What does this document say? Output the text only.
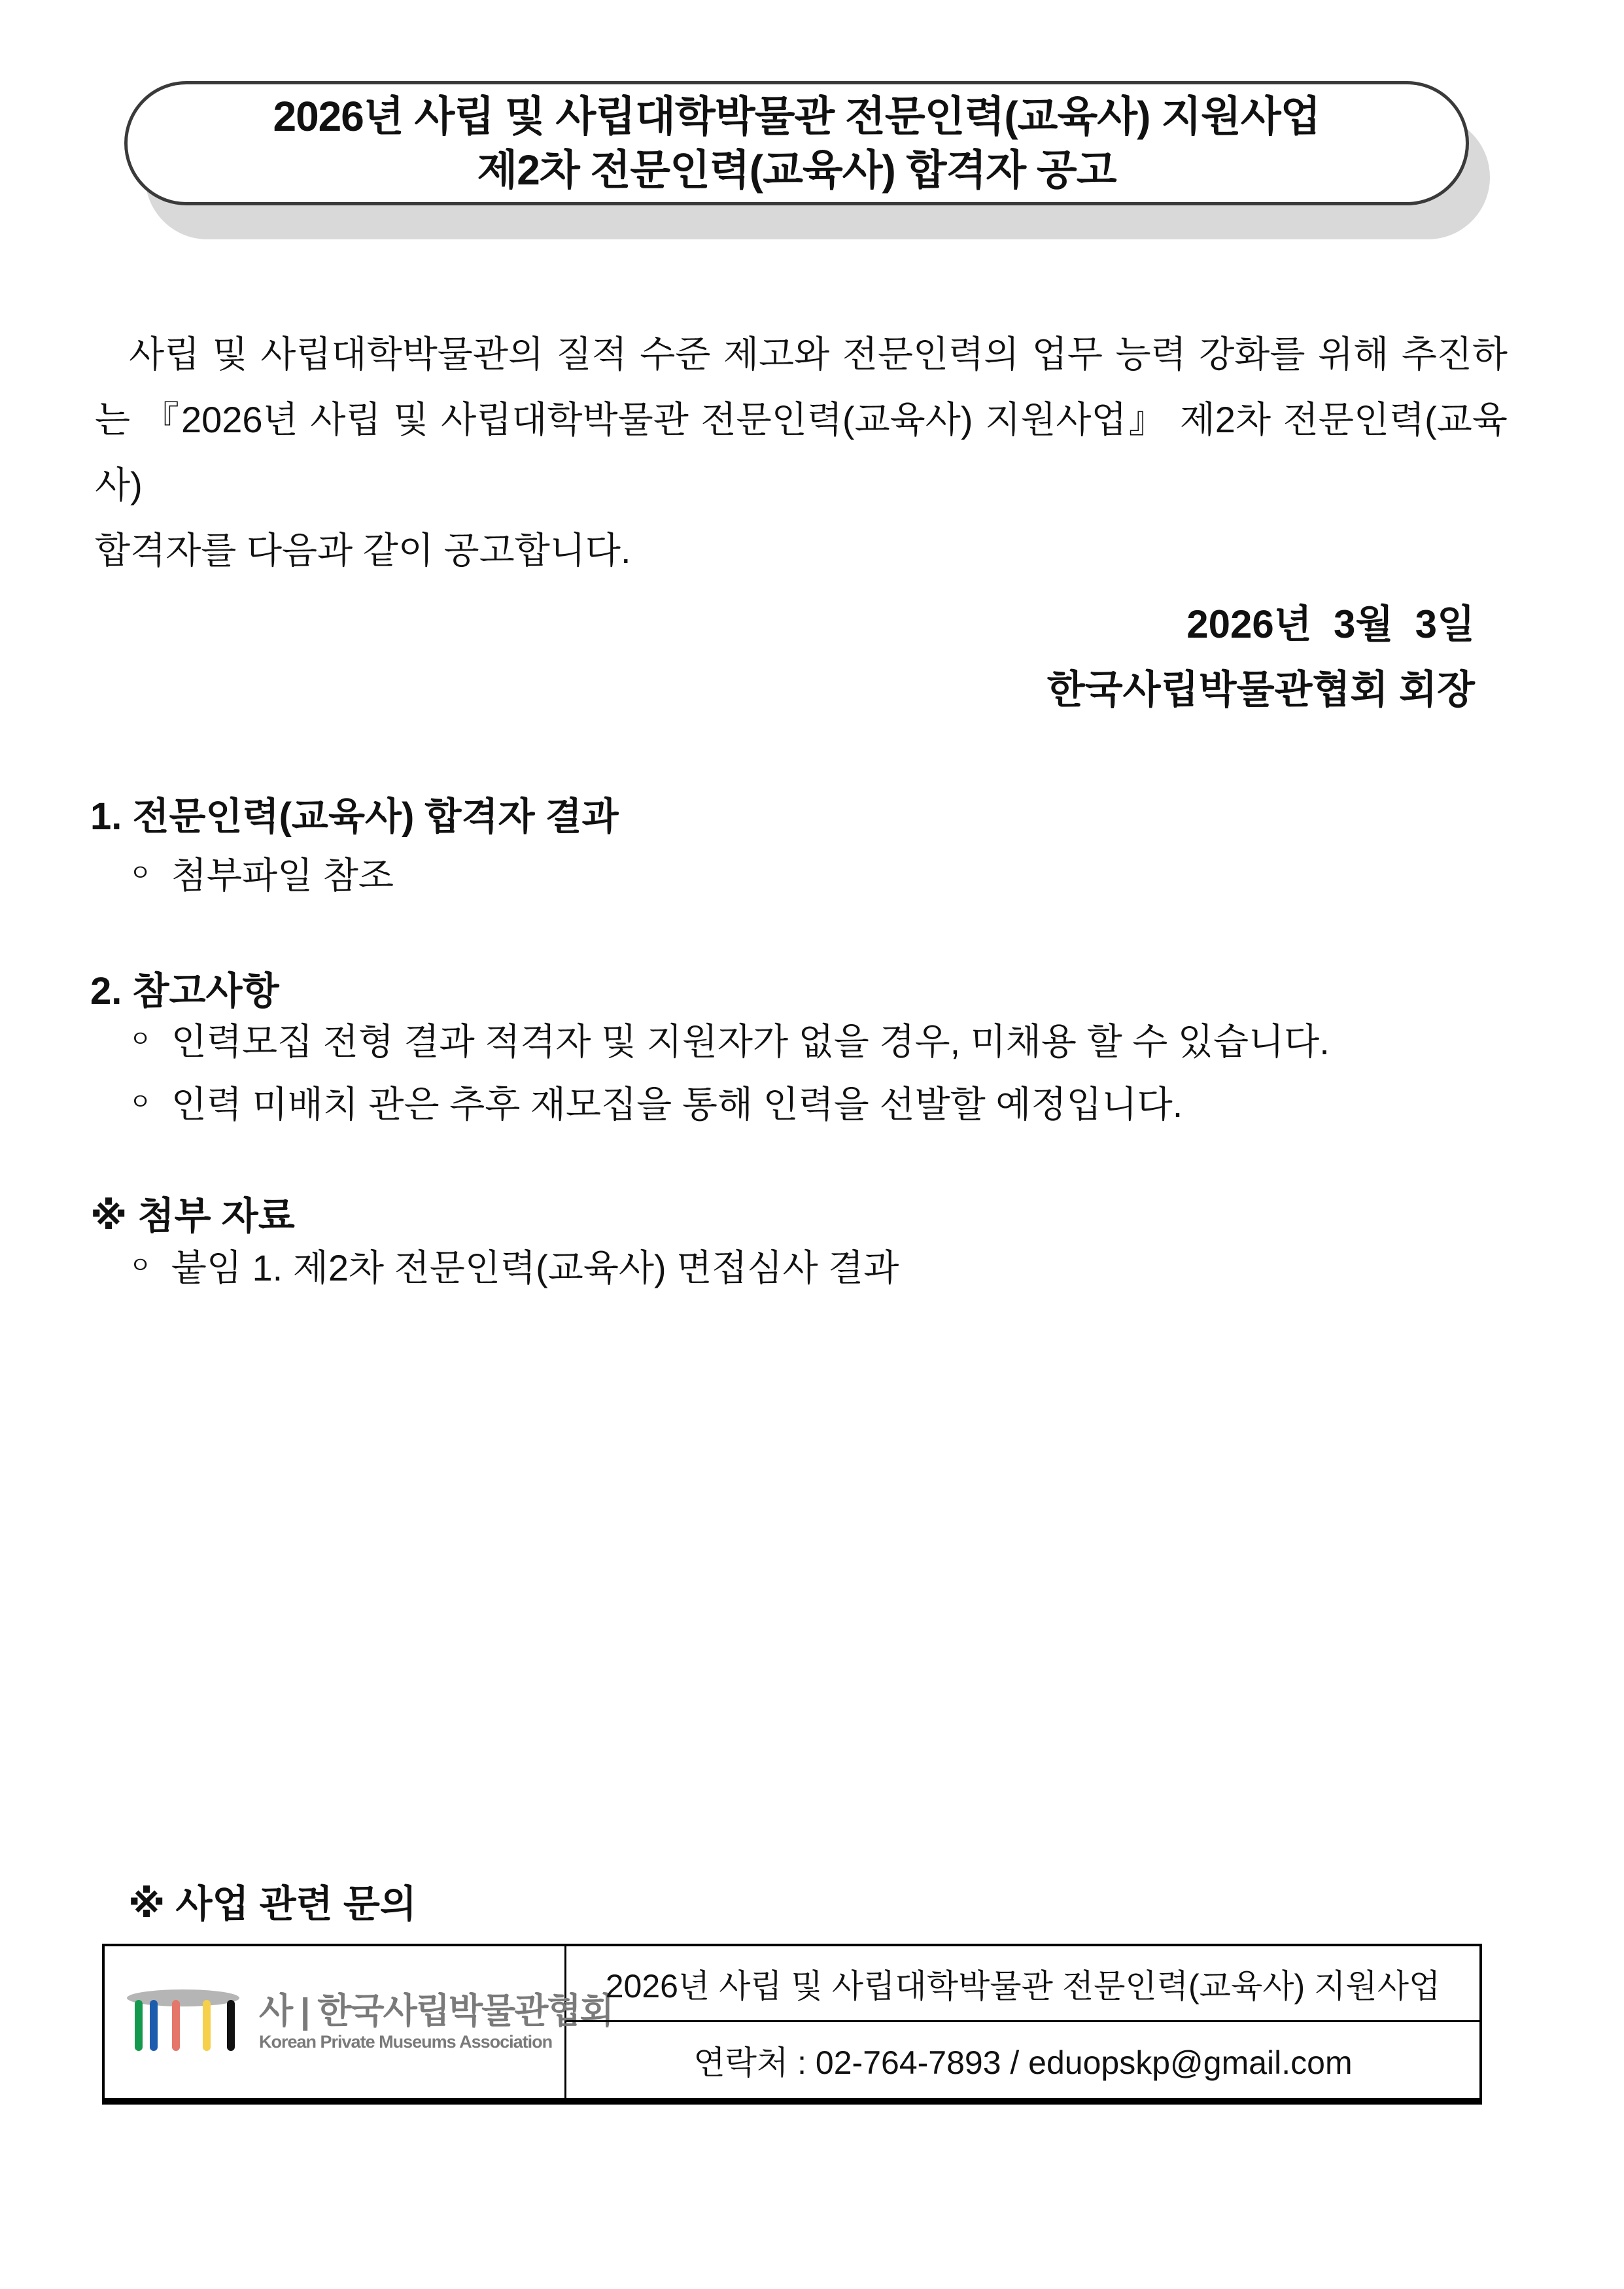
2026년 사립 및 사립대학박물관 전문인력(교육사) 지원사업
제2차 전문인력(교육사) 합격자 공고
사립 및 사립대학박물관의 질적 수준 제고와 전문인력의 업무 능력 강화를 위해 추진하
는 『2026년 사립 및 사립대학박물관 전문인력(교육사) 지원사업』 제2차 전문인력(교육사)
합격자를 다음과 같이 공고합니다.
2026년  3월  3일
한국사립박물관협회 회장
1. 전문인력(교육사) 합격자 결과
ㅇ 첨부파일 참조
2. 참고사항
ㅇ 인력모집 전형 결과 적격자 및 지원자가 없을 경우, 미채용 할 수 있습니다.
ㅇ 인력 미배치 관은 추후 재모집을 통해 인력을 선발할 예정입니다.
※ 첨부 자료
ㅇ 붙임 1. 제2차 전문인력(교육사) 면접심사 결과
※ 사업 관련 문의
사 | 한국사립박물관협회
Korean Private Museums Association
2026년 사립 및 사립대학박물관 전문인력(교육사) 지원사업
연락처 : 02-764-7893 / eduopskp@gmail.com
